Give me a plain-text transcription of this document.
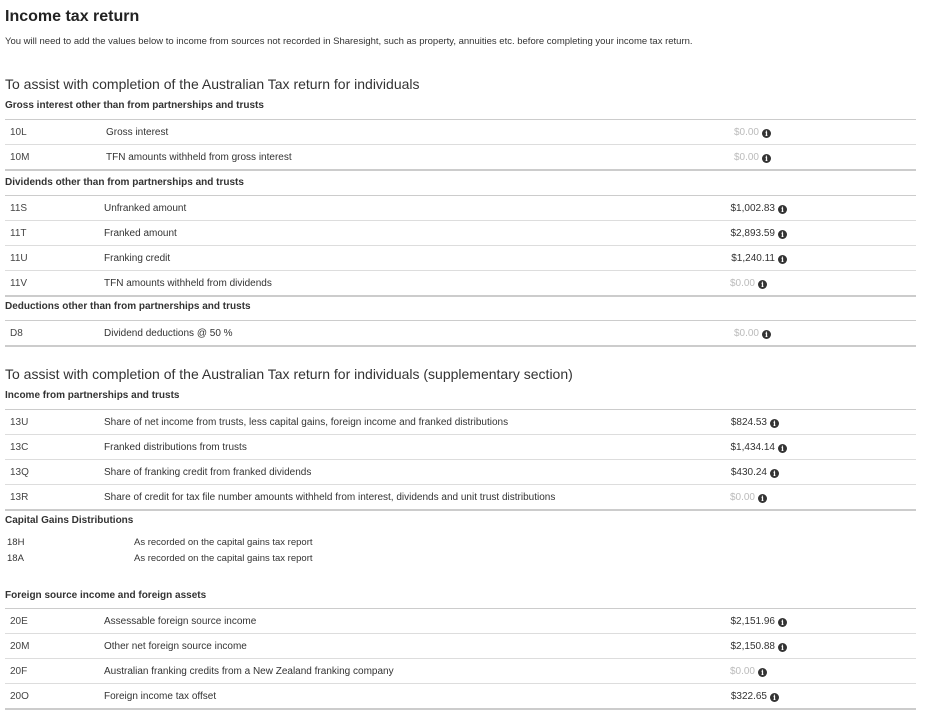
Income tax return
You will need to add the values below to income from sources not recorded in Sharesight, such as property, annuities etc. before completing your income tax return.
To assist with completion of the Australian Tax return for individuals
Gross interest other than from partnerships and trusts
10L	Gross interest	$0.00 i
10M	TFN amounts withheld from gross interest	$0.00 i
Dividends other than from partnerships and trusts
11S	Unfranked amount	$1,002.83 i
11T	Franked amount	$2,893.59 i
11U	Franking credit	$1,240.11 i
11V	TFN amounts withheld from dividends	$0.00 i
Deductions other than from partnerships and trusts
D8	Dividend deductions @ 50 %	$0.00 i
To assist with completion of the Australian Tax return for individuals (supplementary section)
Income from partnerships and trusts
13U	Share of net income from trusts, less capital gains, foreign income and franked distributions	$824.53 i
13C	Franked distributions from trusts	$1,434.14 i
13Q	Share of franking credit from franked dividends	$430.24 i
13R	Share of credit for tax file number amounts withheld from interest, dividends and unit trust distributions	$0.00 i
Capital Gains Distributions
18H	As recorded on the capital gains tax report
18A	As recorded on the capital gains tax report
Foreign source income and foreign assets
20E	Assessable foreign source income	$2,151.96 i
20M	Other net foreign source income	$2,150.88 i
20F	Australian franking credits from a New Zealand franking company	$0.00 i
20O	Foreign income tax offset	$322.65 i
